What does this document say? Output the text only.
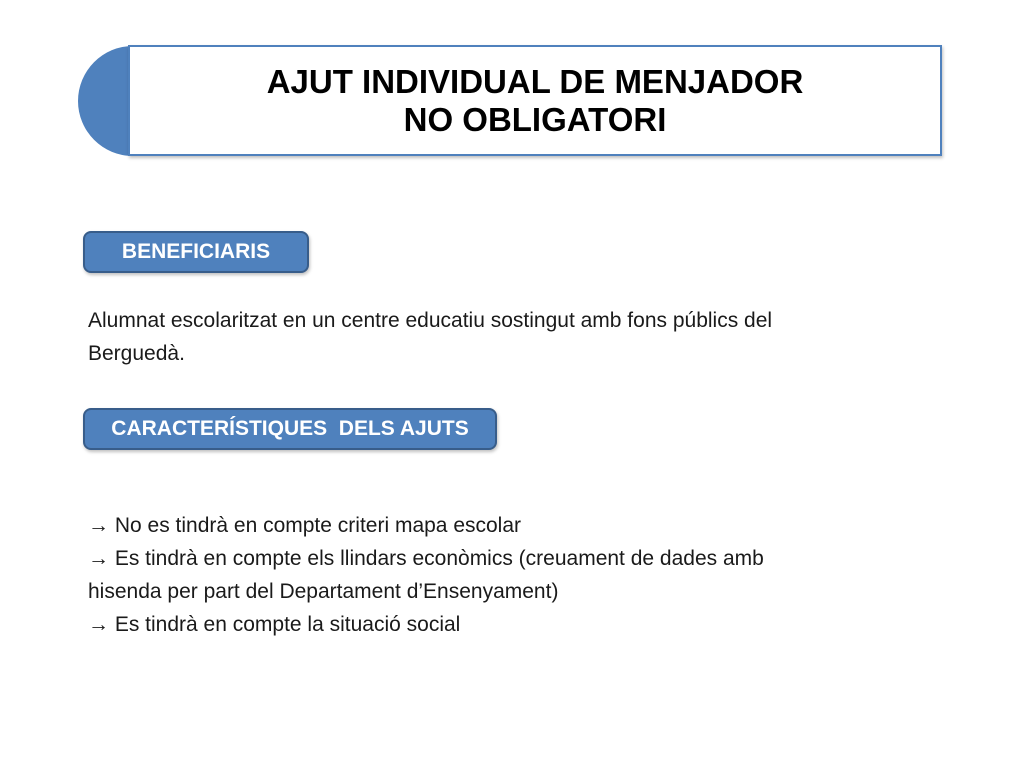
AJUT INDIVIDUAL DE MENJADOR
NO OBLIGATORI
BENEFICIARIS
Alumnat escolaritzat en un centre educatiu sostingut amb fons públics del
Berguedà.
CARACTERÍSTIQUES  DELS AJUTS
→ No es tindrà en compte criteri mapa escolar
→ Es tindrà en compte els llindars econòmics (creuament de dades amb
hisenda per part del Departament d’Ensenyament)
→ Es tindrà en compte la situació social
